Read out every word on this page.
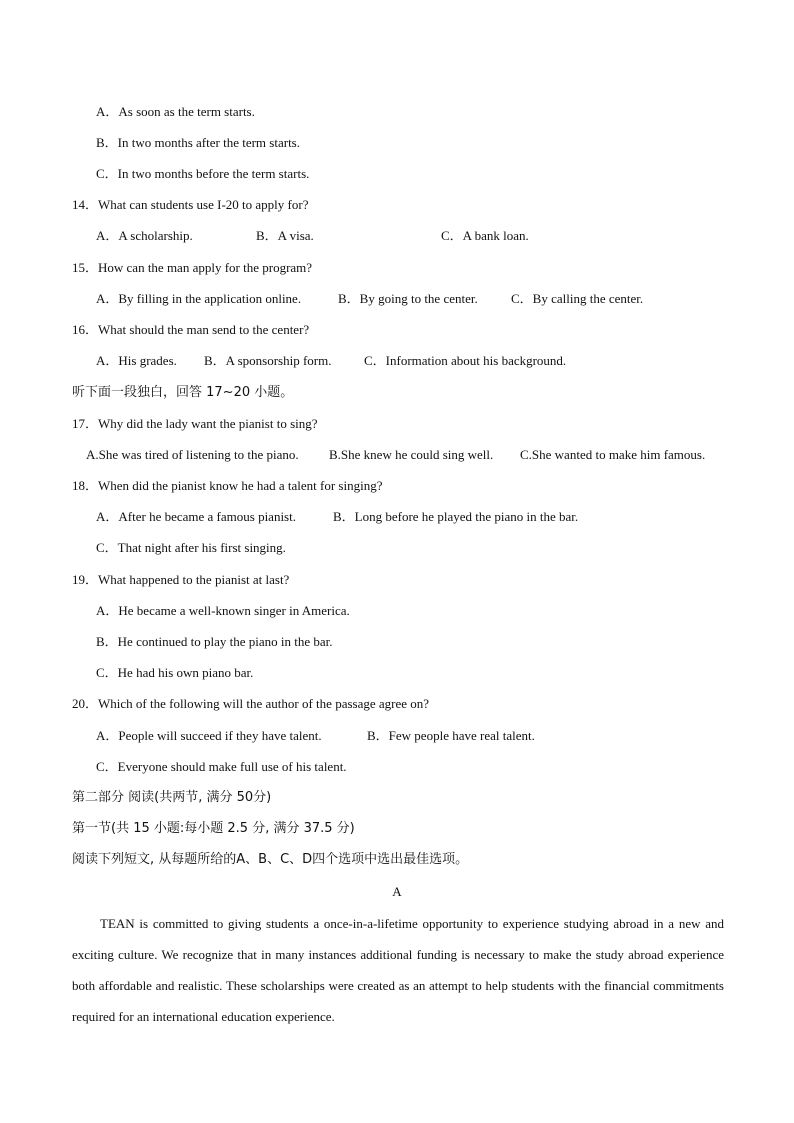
A．As soon as the term starts.
B．In two months after the term starts.
C．In two months before the term starts.
14．What can students use I-20 to apply for?
A．A scholarship.	B．A visa.	C．A bank loan.
15．How can the man apply for the program?
A．By filling in the application online.	B．By going to the center.	C．By calling the center.
16．What should the man send to the center?
A．His grades. B．A sponsorship form.	C．Information about his background.
听下面一段独白，回答 17~20 小题。
17．Why did the lady want the pianist to sing?
A.She was tired of listening to the piano. B.She knew he could sing well. C.She wanted to make him famous.
18．When did the pianist know he had a talent for singing?
A．After he became a famous pianist.	B．Long before he played the piano in the bar.
C．That night after his first singing.
19．What happened to the pianist at last?
A．He became a well-known singer in America.
B．He continued to play the piano in the bar.
C．He had his own piano bar.
20．Which of the following will the author of the passage agree on?
A．People will succeed if they have talent.	B．Few people have real talent.
C．Everyone should make full use of his talent.
第二部分 阅读(共两节, 满分 50分)
第一节(共 15 小题:每小题 2.5 分, 满分 37.5 分)
阅读下列短文, 从每题所给的A、B、C、D四个选项中选出最佳选项。
A
TEAN is committed to giving students a once-in-a-lifetime opportunity to experience studying abroad in a new and exciting culture. We recognize that in many instances additional funding is necessary to make the study abroad experience both affordable and realistic. These scholarships were created as an attempt to help students with the financial commitments required for an international education experience.
